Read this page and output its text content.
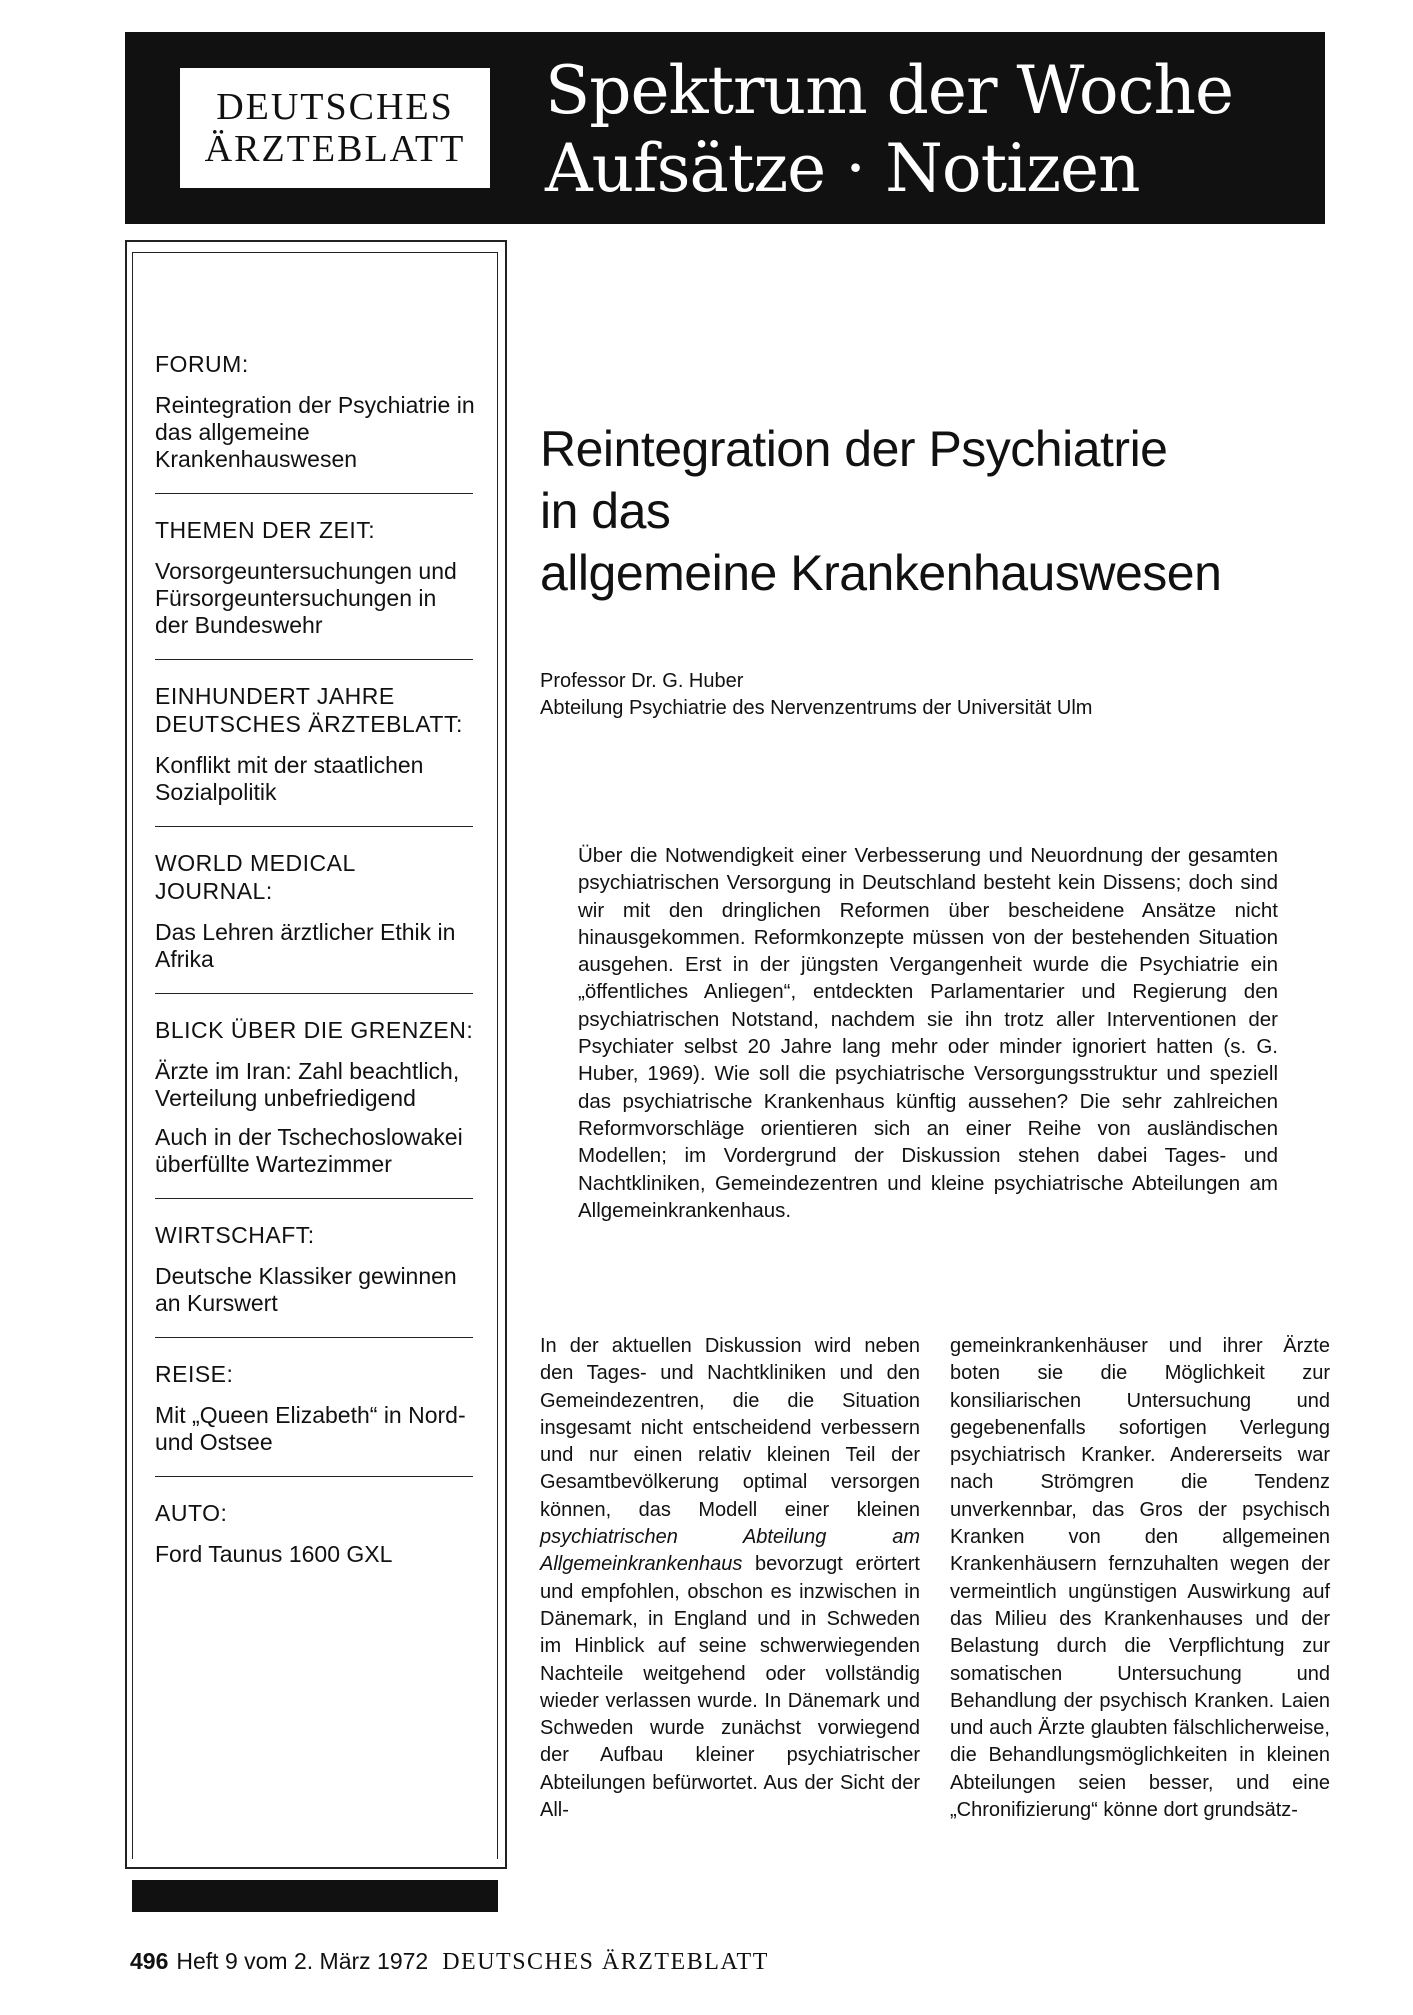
DEUTSCHES
ÄRZTEBLATT
Spektrum der Woche
Aufsätze · Notizen
FORUM:
Reintegration der Psychiatrie in das allgemeine Krankenhauswesen
THEMEN DER ZEIT:
Vorsorgeuntersuchungen und Fürsorgeuntersuchungen in der Bundeswehr
EINHUNDERT JAHRE DEUTSCHES ÄRZTEBLATT:
Konflikt mit der staatlichen Sozialpolitik
WORLD MEDICAL JOURNAL:
Das Lehren ärztlicher Ethik in Afrika
BLICK ÜBER DIE GRENZEN:
Ärzte im Iran: Zahl beachtlich, Verteilung unbefriedigend
Auch in der Tschechoslowakei überfüllte Wartezimmer
WIRTSCHAFT:
Deutsche Klassiker gewinnen an Kurswert
REISE:
Mit „Queen Elizabeth“ in Nord- und Ostsee
AUTO:
Ford Taunus 1600 GXL
Reintegration der Psychiatrie
in das
allgemeine Krankenhauswesen
Professor Dr. G. Huber
Abteilung Psychiatrie des Nervenzentrums der Universität Ulm
Über die Notwendigkeit einer Verbesserung und Neuordnung der gesamten psychiatrischen Versorgung in Deutschland besteht kein Dissens; doch sind wir mit den dringlichen Reformen über bescheidene Ansätze nicht hinausgekommen. Reformkonzepte müssen von der bestehenden Situation ausgehen. Erst in der jüngsten Vergangenheit wurde die Psychiatrie ein „öffentliches Anliegen“, entdeckten Parlamentarier und Regierung den psychiatrischen Notstand, nachdem sie ihn trotz aller Interventionen der Psychiater selbst 20 Jahre lang mehr oder minder ignoriert hatten (s. G. Huber, 1969). Wie soll die psychiatrische Versorgungsstruktur und speziell das psychiatrische Krankenhaus künftig aussehen? Die sehr zahlreichen Reformvorschläge orientieren sich an einer Reihe von ausländischen Modellen; im Vordergrund der Diskussion stehen dabei Tages- und Nachtkliniken, Gemeindezentren und kleine psychiatrische Abteilungen am Allgemeinkrankenhaus.
In der aktuellen Diskussion wird neben den Tages- und Nachtkliniken und den Gemeindezentren, die die Situation insgesamt nicht entscheidend verbessern und nur einen relativ kleinen Teil der Gesamtbevölkerung optimal versorgen können, das Modell einer kleinen psychiatrischen Abteilung am Allgemeinkrankenhaus bevorzugt erörtert und empfohlen, obschon es inzwischen in Dänemark, in England und in Schweden im Hinblick auf seine schwerwiegenden Nachteile weitgehend oder vollständig wieder verlassen wurde. In Dänemark und Schweden wurde zunächst vorwiegend der Aufbau kleiner psychiatrischer Abteilungen befürwortet. Aus der Sicht der All-
gemeinkrankenhäuser und ihrer Ärzte boten sie die Möglichkeit zur konsiliarischen Untersuchung und gegebenenfalls sofortigen Verlegung psychiatrisch Kranker. Andererseits war nach Strömgren die Tendenz unverkennbar, das Gros der psychisch Kranken von den allgemeinen Krankenhäusern fernzuhalten wegen der vermeintlich ungünstigen Auswirkung auf das Milieu des Krankenhauses und der Belastung durch die Verpflichtung zur somatischen Untersuchung und Behandlung der psychisch Kranken. Laien und auch Ärzte glaubten fälschlicherweise, die Behandlungsmöglichkeiten in kleinen Abteilungen seien besser, und eine „Chronifizierung“ könne dort grundsätz-
496 Heft 9 vom 2. März 1972 DEUTSCHES ÄRZTEBLATT
